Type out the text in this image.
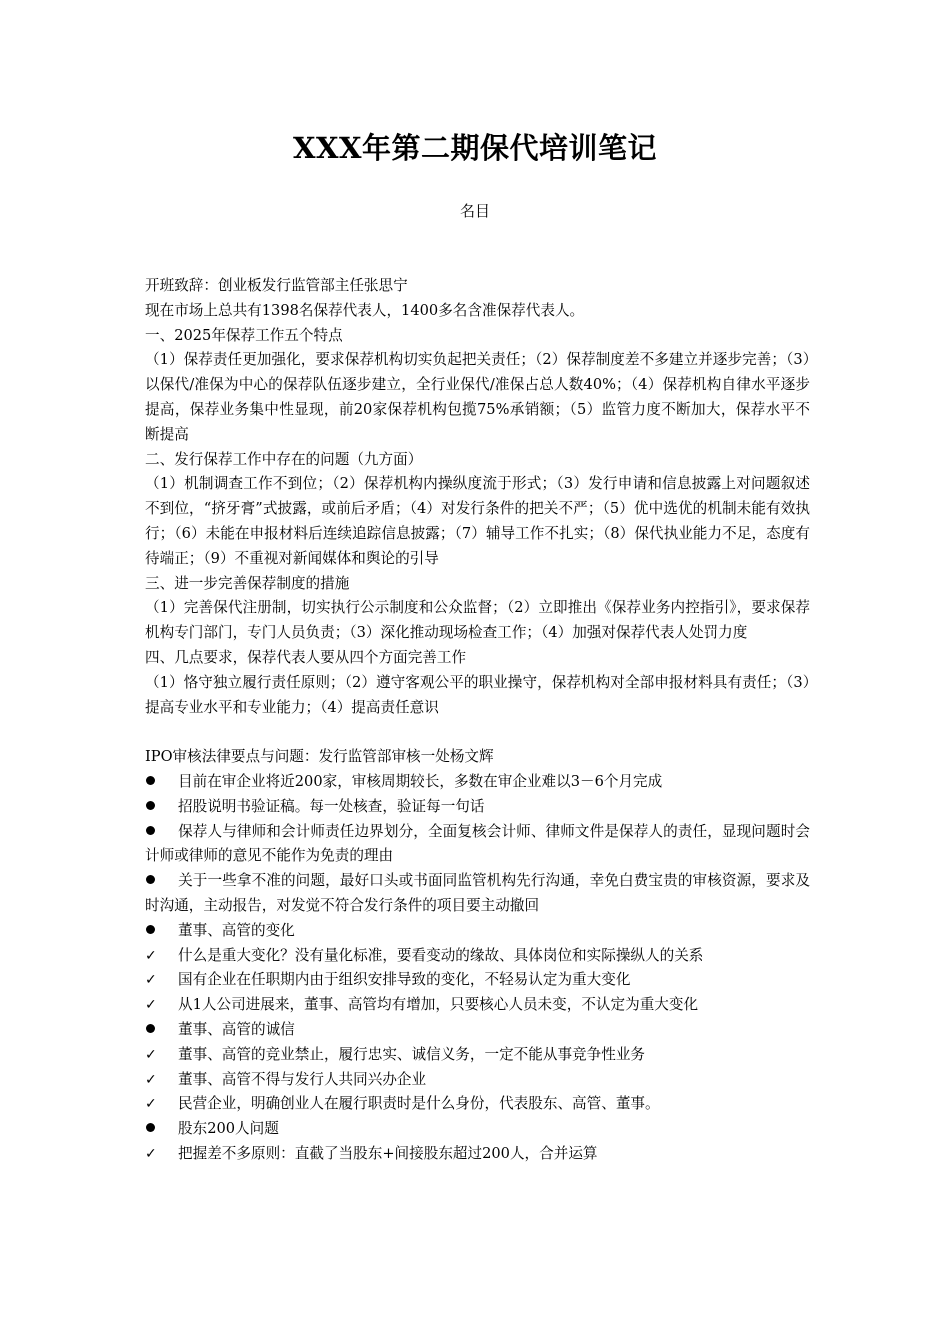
XXX年第二期保代培训笔记
名目

开班致辞：创业板发行监管部主任张思宁

现在市场上总共有1398名保荐代表人，1400多名含准保荐代表人。

一、2025年保荐工作五个特点

（1）保荐责任更加强化，要求保荐机构切实负起把关责任；（2）保荐制度差不多建立并逐步完善；（3）以保代/准保为中心的保荐队伍逐步建立，全行业保代/准保占总人数40%；（4）保荐机构自律水平逐步提高，保荐业务集中性显现，前20家保荐机构包揽75%承销额；（5）监管力度不断加大，保荐水平不断提高

二、发行保荐工作中存在的问题（九方面）

（1）机制调查工作不到位；（2）保荐机构内操纵度流于形式；（3）发行申请和信息披露上对问题叙述不到位，“挤牙膏”式披露，或前后矛盾；（4）对发行条件的把关不严；（5）优中选优的机制未能有效执行；（6）未能在申报材料后连续追踪信息披露；（7）辅导工作不扎实；（8）保代执业能力不足，态度有待端正；（9）不重视对新闻媒体和舆论的引导

三、进一步完善保荐制度的措施

（1）完善保代注册制，切实执行公示制度和公众监督；（2）立即推出《保荐业务内控指引》，要求保荐机构专门部门，专门人员负责；（3）深化推动现场检查工作；（4）加强对保荐代表人处罚力度

四、几点要求，保荐代表人要从四个方面完善工作

（1）恪守独立履行责任原则；（2）遵守客观公平的职业操守，保荐机构对全部申报材料具有责任；（3）提高专业水平和专业能力；（4）提高责任意识

IPO审核法律要点与问题：发行监管部审核一处杨文辉

目前在审企业将近200家，审核周期较长，多数在审企业难以3－6个月完成

招股说明书验证稿。每一处核查，验证每一句话

保荐人与律师和会计师责任边界划分，全面复核会计师、律师文件是保荐人的责任，显现问题时会计师或律师的意见不能作为免责的理由

关于一些拿不准的问题，最好口头或书面同监管机构先行沟通，幸免白费宝贵的审核资源，要求及时沟通，主动报告，对发觉不符合发行条件的项目要主动撤回

董事、高管的变化

✓ 什么是重大变化？没有量化标准，要看变动的缘故、具体岗位和实际操纵人的关系

✓ 国有企业在任职期内由于组织安排导致的变化，不轻易认定为重大变化

✓ 从1人公司进展来，董事、高管均有增加，只要核心人员未变，不认定为重大变化

董事、高管的诚信

✓ 董事、高管的竞业禁止，履行忠实、诚信义务，一定不能从事竞争性业务

✓ 董事、高管不得与发行人共同兴办企业

✓ 民营企业，明确创业人在履行职责时是什么身份，代表股东、高管、董事。

股东200人问题

✓ 把握差不多原则：直截了当股东+间接股东超过200人，合并运算
